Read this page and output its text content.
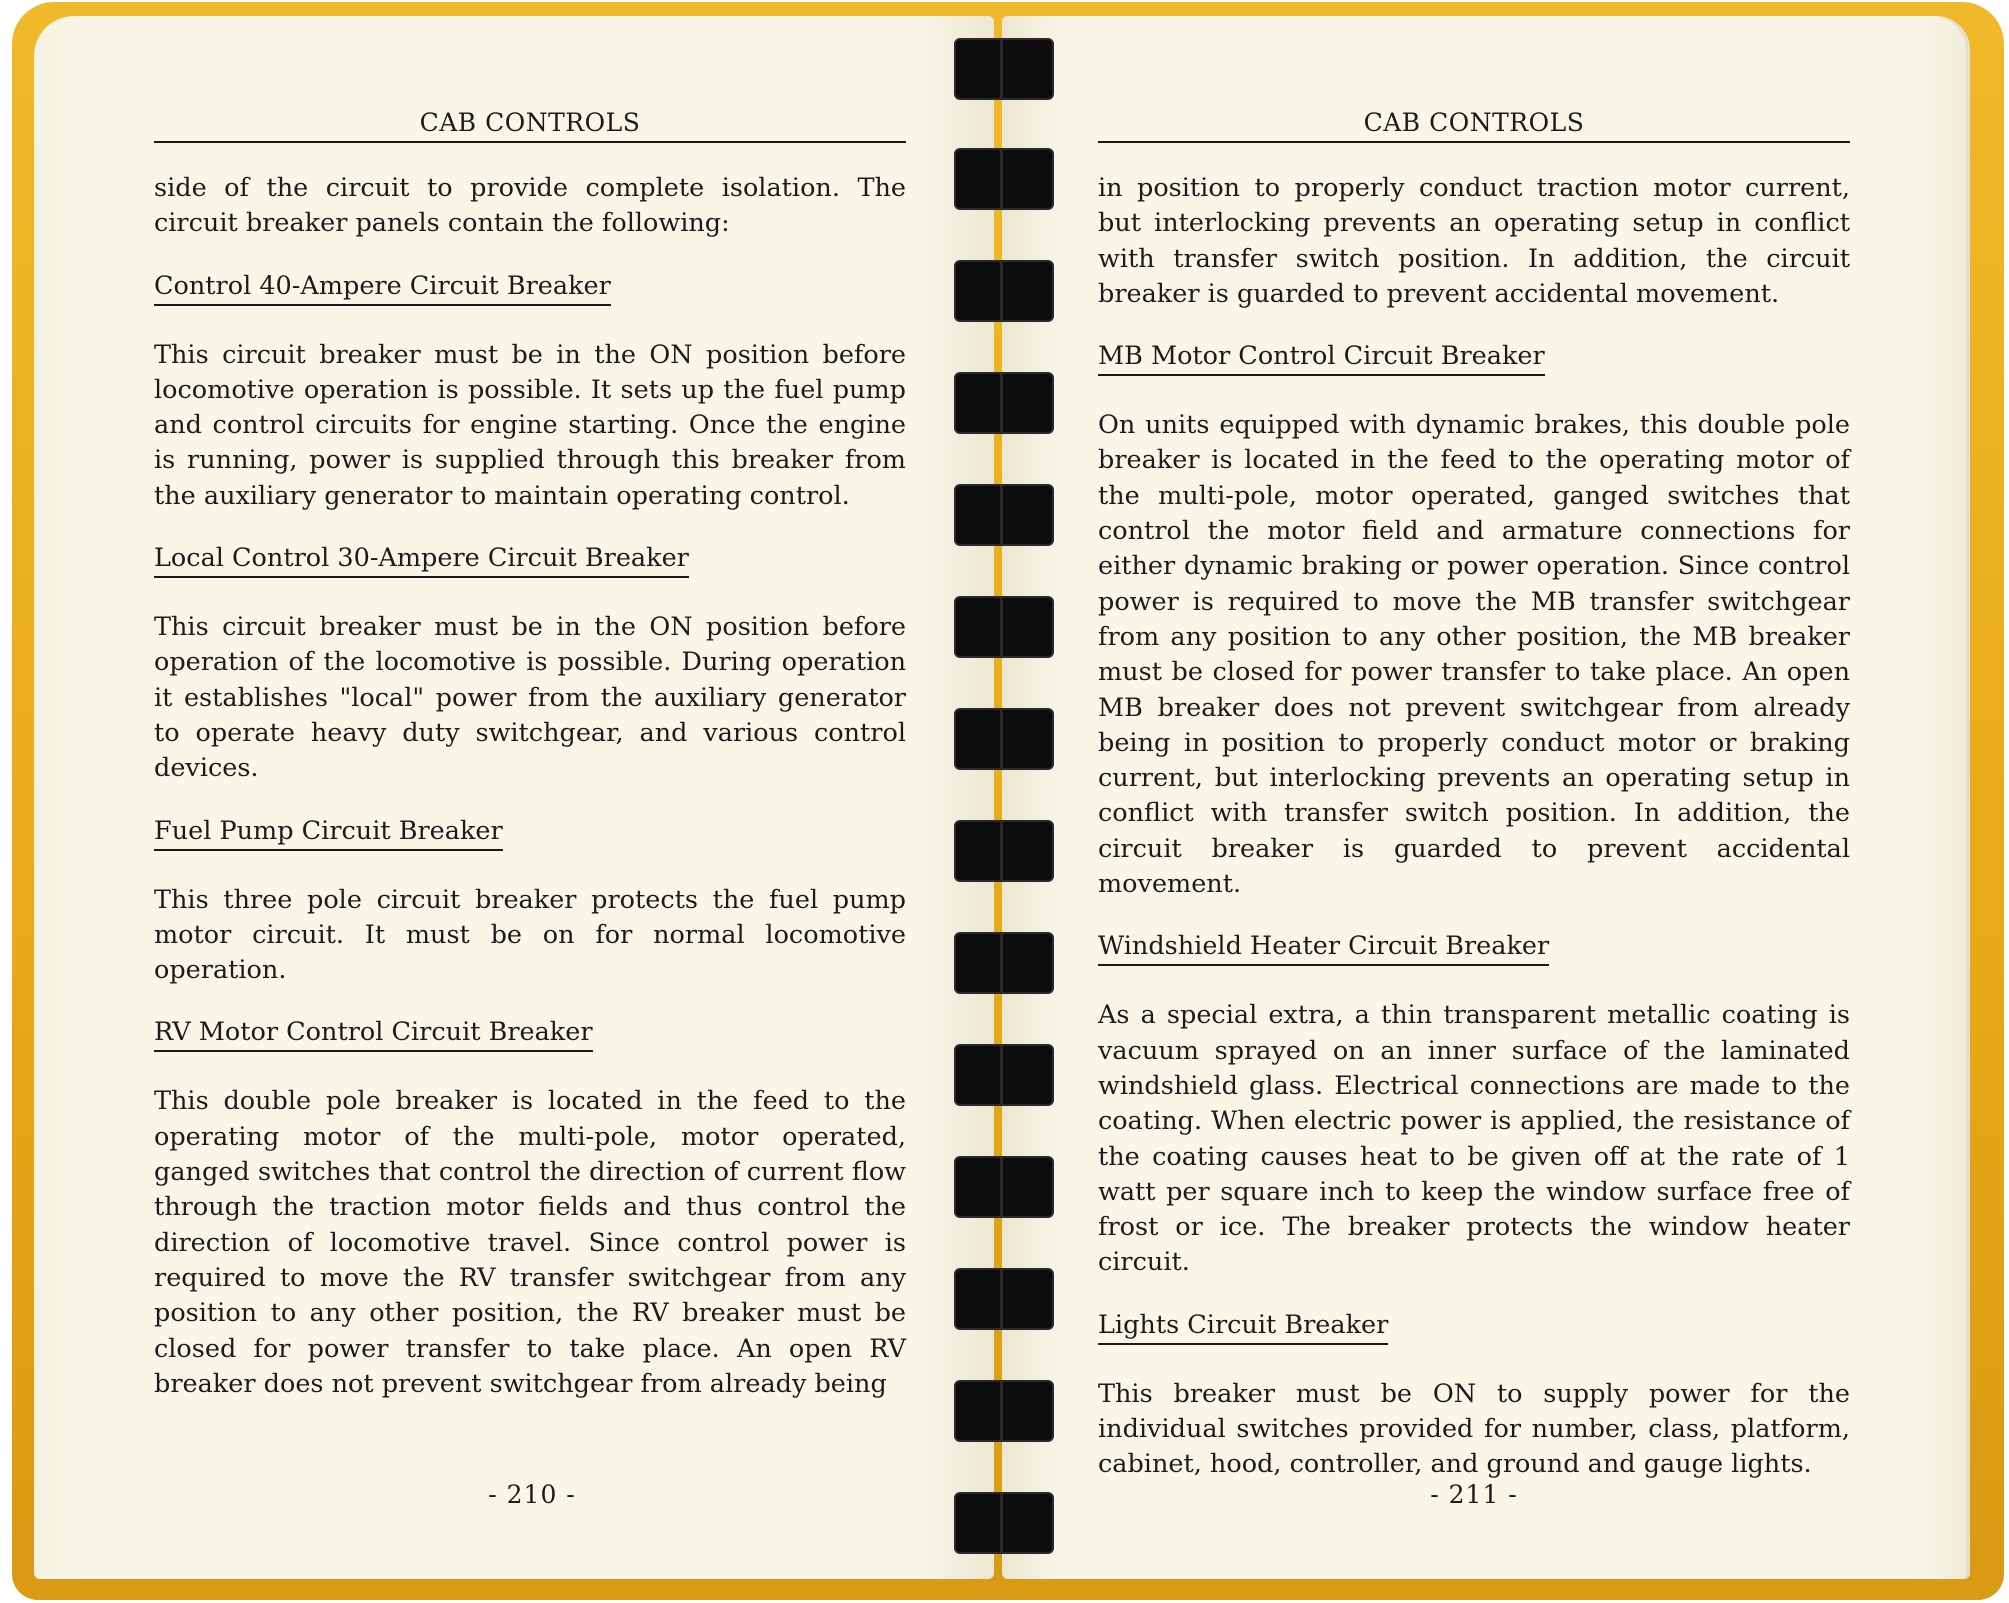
CAB CONTROLS

side of the circuit to provide complete isolation. The circuit breaker panels contain the following:

Control 40-Ampere Circuit Breaker

This circuit breaker must be in the ON position before locomotive operation is possible. It sets up the fuel pump and control circuits for engine starting. Once the engine is running, power is supplied through this breaker from the auxiliary generator to maintain operating control.

Local Control 30-Ampere Circuit Breaker

This circuit breaker must be in the ON position before operation of the locomotive is possible. During operation it establishes "local" power from the auxiliary generator to operate heavy duty switchgear, and various control devices.

Fuel Pump Circuit Breaker

This three pole circuit breaker protects the fuel pump motor circuit. It must be on for normal locomotive operation.

RV Motor Control Circuit Breaker

This double pole breaker is located in the feed to the operating motor of the multi-pole, motor operated, ganged switches that control the direction of current flow through the traction motor fields and thus control the direction of locomotive travel. Since control power is required to move the RV transfer switchgear from any position to any other position, the RV breaker must be closed for power transfer to take place. An open RV breaker does not prevent switchgear from already being

- 210 -
CAB CONTROLS

in position to properly conduct traction motor current, but interlocking prevents an operating setup in conflict with transfer switch position. In addition, the circuit breaker is guarded to prevent accidental movement.

MB Motor Control Circuit Breaker

On units equipped with dynamic brakes, this double pole breaker is located in the feed to the operating motor of the multi-pole, motor operated, ganged switches that control the motor field and armature connections for either dynamic braking or power operation. Since control power is required to move the MB transfer switchgear from any position to any other position, the MB breaker must be closed for power transfer to take place. An open MB breaker does not prevent switchgear from already being in position to properly conduct motor or braking current, but interlocking prevents an operating setup in conflict with transfer switch position. In addition, the circuit breaker is guarded to prevent accidental movement.

Windshield Heater Circuit Breaker

As a special extra, a thin transparent metallic coating is vacuum sprayed on an inner surface of the laminated windshield glass. Electrical connections are made to the coating. When electric power is applied, the resistance of the coating causes heat to be given off at the rate of 1 watt per square inch to keep the window surface free of frost or ice. The breaker protects the window heater circuit.

Lights Circuit Breaker

This breaker must be ON to supply power for the individual switches provided for number, class, platform, cabinet, hood, controller, and ground and gauge lights.

- 211 -
